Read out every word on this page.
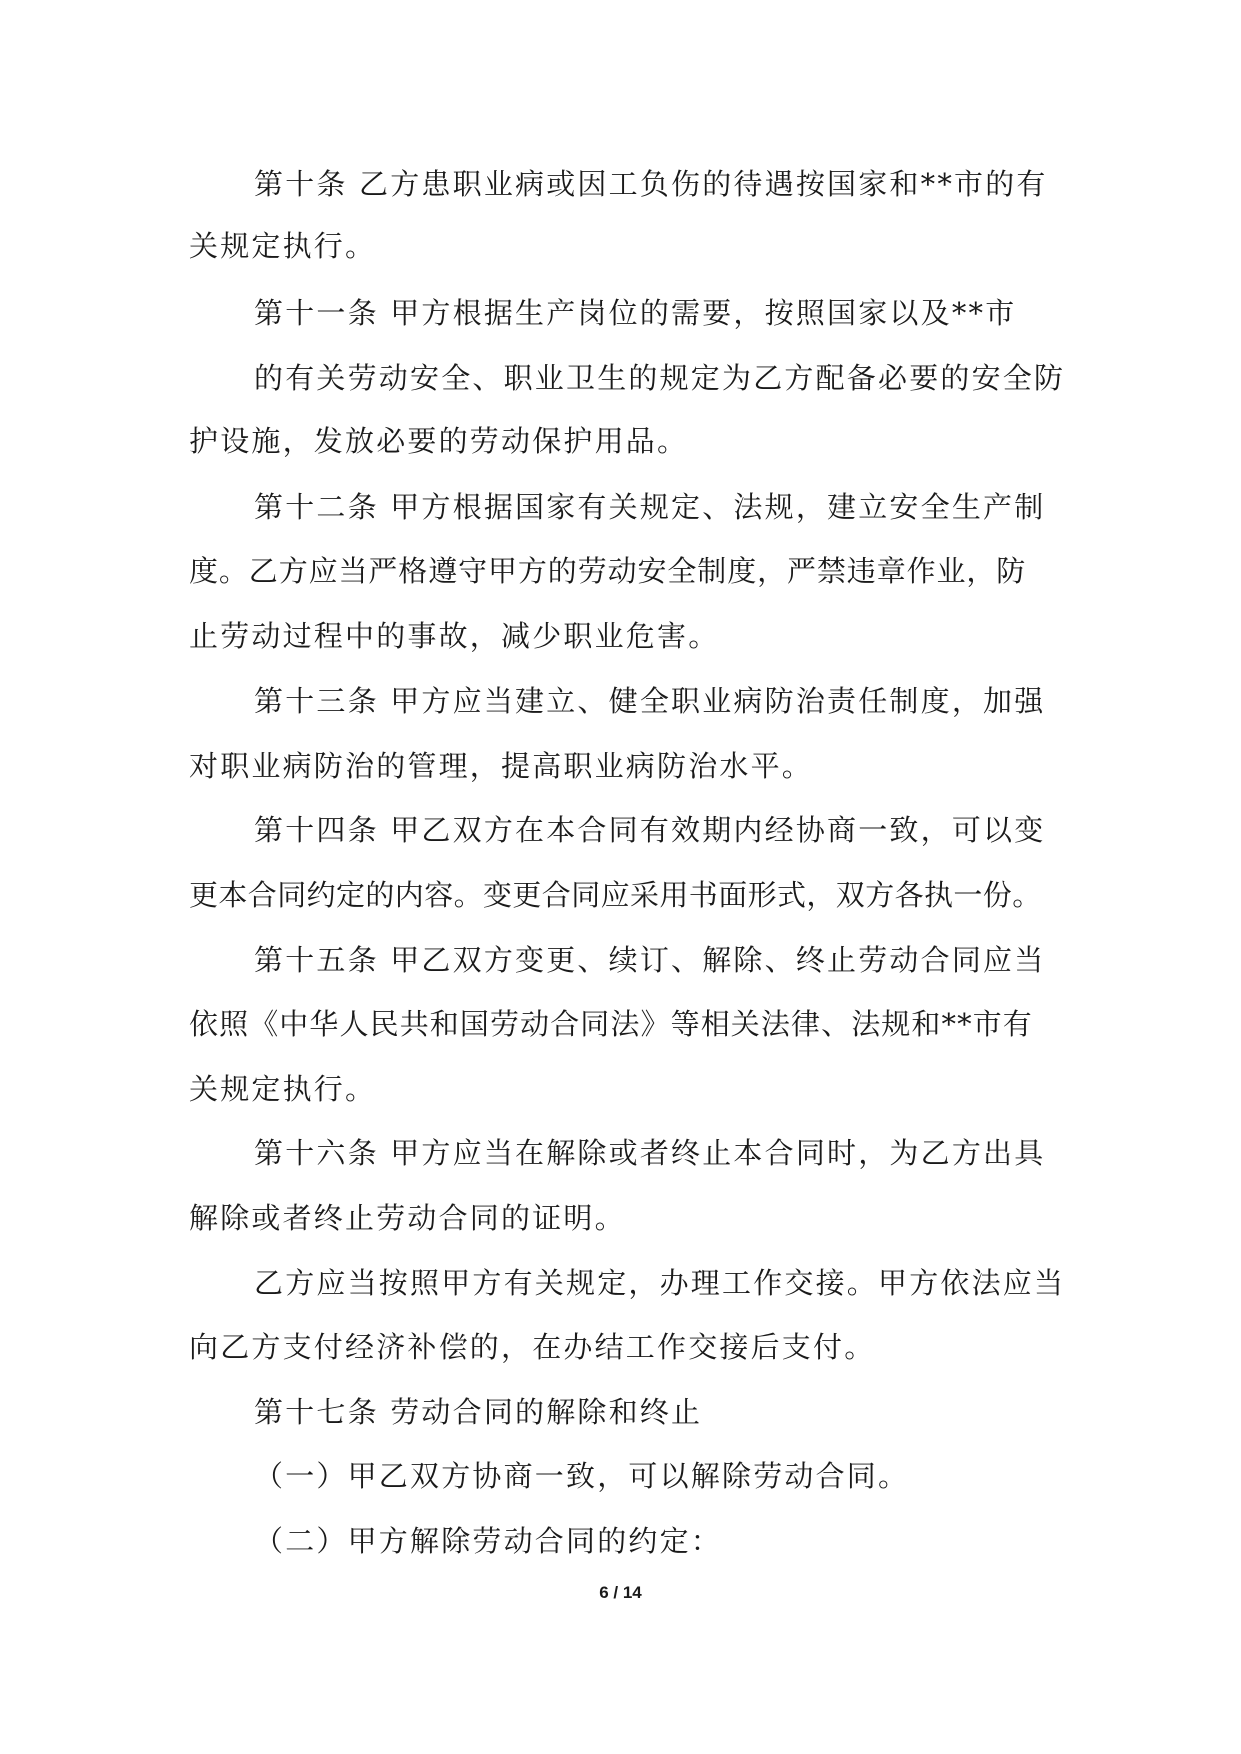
第十条 乙方患职业病或因工负伤的待遇按国家和**市的有
关规定执行。
第十一条 甲方根据生产岗位的需要，按照国家以及**市
的有关劳动安全、职业卫生的规定为乙方配备必要的安全防
护设施，发放必要的劳动保护用品。
第十二条 甲方根据国家有关规定、法规，建立安全生产制
度。乙方应当严格遵守甲方的劳动安全制度，严禁违章作业，防
止劳动过程中的事故，减少职业危害。
第十三条 甲方应当建立、健全职业病防治责任制度，加强
对职业病防治的管理，提高职业病防治水平。
第十四条 甲乙双方在本合同有效期内经协商一致，可以变
更本合同约定的内容。变更合同应采用书面形式，双方各执一份。
第十五条 甲乙双方变更、续订、解除、终止劳动合同应当
依照《中华人民共和国劳动合同法》等相关法律、法规和**市有
关规定执行。
第十六条 甲方应当在解除或者终止本合同时，为乙方出具
解除或者终止劳动合同的证明。
乙方应当按照甲方有关规定，办理工作交接。甲方依法应当
向乙方支付经济补偿的，在办结工作交接后支付。
第十七条 劳动合同的解除和终止
（一）甲乙双方协商一致，可以解除劳动合同。
（二）甲方解除劳动合同的约定：
6 / 14
